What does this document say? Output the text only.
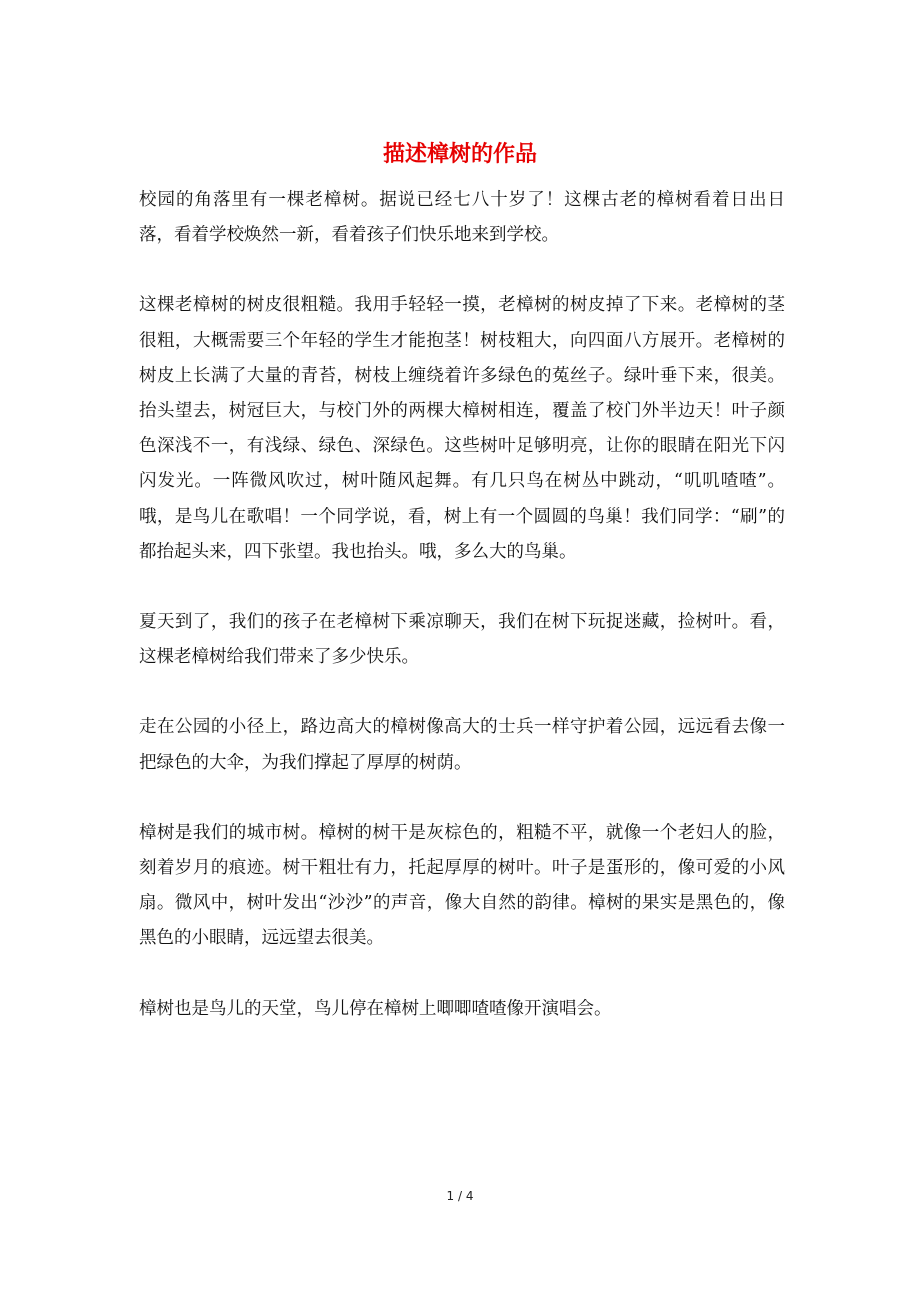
描述樟树的作品

校园的角落里有一棵老樟树。据说已经七八十岁了！这棵古老的樟树看着日出日落，看着学校焕然一新，看着孩子们快乐地来到学校。

这棵老樟树的树皮很粗糙。我用手轻轻一摸，老樟树的树皮掉了下来。老樟树的茎很粗，大概需要三个年轻的学生才能抱茎！树枝粗大，向四面八方展开。老樟树的树皮上长满了大量的青苔，树枝上缠绕着许多绿色的菟丝子。绿叶垂下来，很美。抬头望去，树冠巨大，与校门外的两棵大樟树相连，覆盖了校门外半边天！叶子颜色深浅不一，有浅绿、绿色、深绿色。这些树叶足够明亮，让你的眼睛在阳光下闪闪发光。一阵微风吹过，树叶随风起舞。有几只鸟在树丛中跳动，“叽叽喳喳”。哦，是鸟儿在歌唱！一个同学说，看，树上有一个圆圆的鸟巢！我们同学：“刷”的都抬起头来，四下张望。我也抬头。哦，多么大的鸟巢。

夏天到了，我们的孩子在老樟树下乘凉聊天，我们在树下玩捉迷藏，捡树叶。看，这棵老樟树给我们带来了多少快乐。

走在公园的小径上，路边高大的樟树像高大的士兵一样守护着公园，远远看去像一把绿色的大伞，为我们撑起了厚厚的树荫。

樟树是我们的城市树。樟树的树干是灰棕色的，粗糙不平，就像一个老妇人的脸，刻着岁月的痕迹。树干粗壮有力，托起厚厚的树叶。叶子是蛋形的，像可爱的小风扇。微风中，树叶发出“沙沙”的声音，像大自然的韵律。樟树的果实是黑色的，像黑色的小眼睛，远远望去很美。

樟树也是鸟儿的天堂，鸟儿停在樟树上唧唧喳喳像开演唱会。

1 / 4
